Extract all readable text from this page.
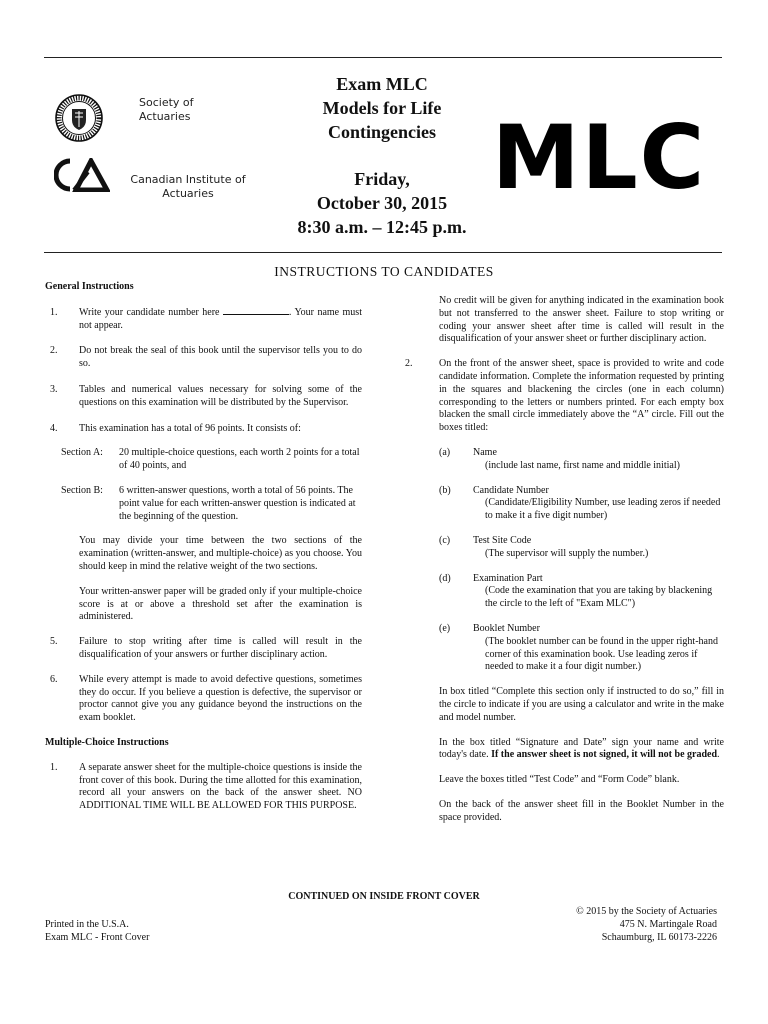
Society of Actuaries
Canadian Institute of Actuaries
Exam MLC
Models for Life
Contingencies
Friday,
October 30, 2015
8:30 a.m. – 12:45 p.m.
MLC
INSTRUCTIONS TO CANDIDATES
General Instructions
1. Write your candidate number here	. Your name must not appear.
2. Do not break the seal of this book until the supervisor tells you to do so.
3. Tables and numerical values necessary for solving some of the questions on this examination will be distributed by the Supervisor.
4. This examination has a total of 96 points. It consists of:
Section A: 20 multiple-choice questions, each worth 2 points for a total of 40 points, and
Section B: 6 written-answer questions, worth a total of 56 points. The point value for each written-answer question is indicated at the beginning of the question.
You may divide your time between the two sections of the examination (written-answer, and multiple-choice) as you choose. You should keep in mind the relative weight of the two sections.
Your written-answer paper will be graded only if your multiple-choice score is at or above a threshold set after the examination is administered.
5. Failure to stop writing after time is called will result in the disqualification of your answers or further disciplinary action.
6. While every attempt is made to avoid defective questions, sometimes they do occur. If you believe a question is defective, the supervisor or proctor cannot give you any guidance beyond the instructions on the exam booklet.
Multiple-Choice Instructions
1. A separate answer sheet for the multiple-choice questions is inside the front cover of this book. During the time allotted for this examination, record all your answers on the back of the answer sheet. NO ADDITIONAL TIME WILL BE ALLOWED FOR THIS PURPOSE.
No credit will be given for anything indicated in the examination book but not transferred to the answer sheet. Failure to stop writing or coding your answer sheet after time is called will result in the disqualification of your answer sheet or further disciplinary action.
2.	On the front of the answer sheet, space is provided to write and code candidate information. Complete the information requested by printing in the squares and blackening the circles (one in each column) corresponding to the letters or numbers printed. For each empty box blacken the small circle immediately above the “A” circle. Fill out the boxes titled:
(a) Name
(include last name, first name and middle initial)
(b) Candidate Number
(Candidate/Eligibility Number, use leading zeros if needed to make it a five digit number)
(c) Test Site Code
(The supervisor will supply the number.)
(d) Examination Part
(Code the examination that you are taking by blackening the circle to the left of "Exam MLC")
(e) Booklet Number
(The booklet number can be found in the upper right-hand corner of this examination book. Use leading zeros if needed to make it a four digit number.)
In box titled “Complete this section only if instructed to do so,” fill in the circle to indicate if you are using a calculator and write in the make and model number.
In the box titled “Signature and Date” sign your name and write today's date. If the answer sheet is not signed, it will not be graded.
Leave the boxes titled “Test Code” and “Form Code” blank.
On the back of the answer sheet fill in the Booklet Number in the space provided.
CONTINUED ON INSIDE FRONT COVER
Printed in the U.S.A.
Exam MLC - Front Cover
© 2015 by the Society of Actuaries
475 N. Martingale Road
Schaumburg, IL 60173-2226
